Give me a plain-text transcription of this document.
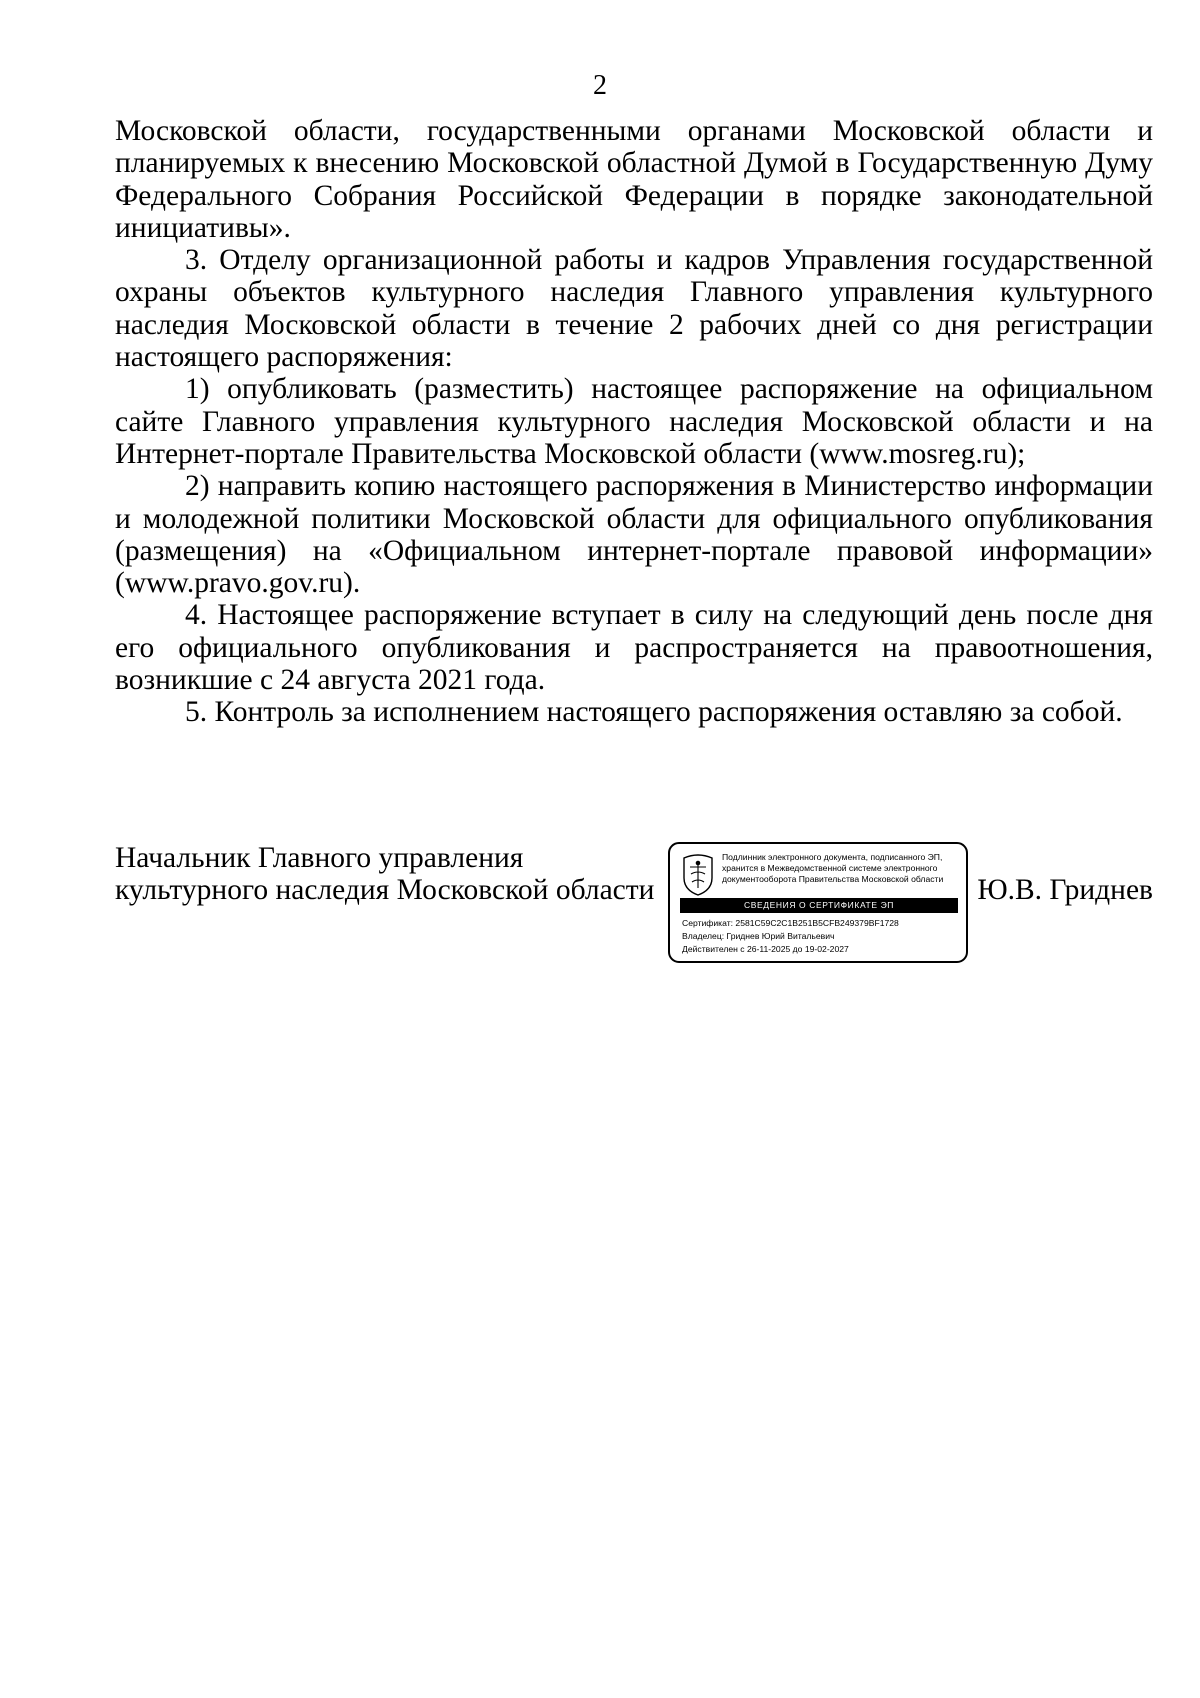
2

Московской области, государственными органами Московской области и планируемых к внесению Московской областной Думой в Государственную Думу Федерального Собрания Российской Федерации в порядке законодательной инициативы».

3. Отделу организационной работы и кадров Управления государственной охраны объектов культурного наследия Главного управления культурного наследия Московской области в течение 2 рабочих дней со дня регистрации настоящего распоряжения:

1) опубликовать (разместить) настоящее распоряжение на официальном сайте Главного управления культурного наследия Московской области и на Интернет-портале Правительства Московской области (www.mosreg.ru);

2) направить копию настоящего распоряжения в Министерство информации и молодежной политики Московской области для официального опубликования (размещения) на «Официальном интернет-портале правовой информации» (www.pravo.gov.ru).

4. Настоящее распоряжение вступает в силу на следующий день после дня его официального опубликования и распространяется на правоотношения, возникшие с 24 августа 2021 года.

5. Контроль за исполнением настоящего распоряжения оставляю за собой.

Начальник Главного управления культурного наследия Московской области

Подлинник электронного документа, подписанного ЭП, хранится в Межведомственной системе электронного документооборота Правительства Московской области

СВЕДЕНИЯ О СЕРТИФИКАТЕ ЭП

Сертификат: 2581C59C2C1B251B5CFB249379BF1728

Владелец: Гриднев Юрий Витальевич

Действителен с 26-11-2025 до 19-02-2027

Ю.В. Гриднев
